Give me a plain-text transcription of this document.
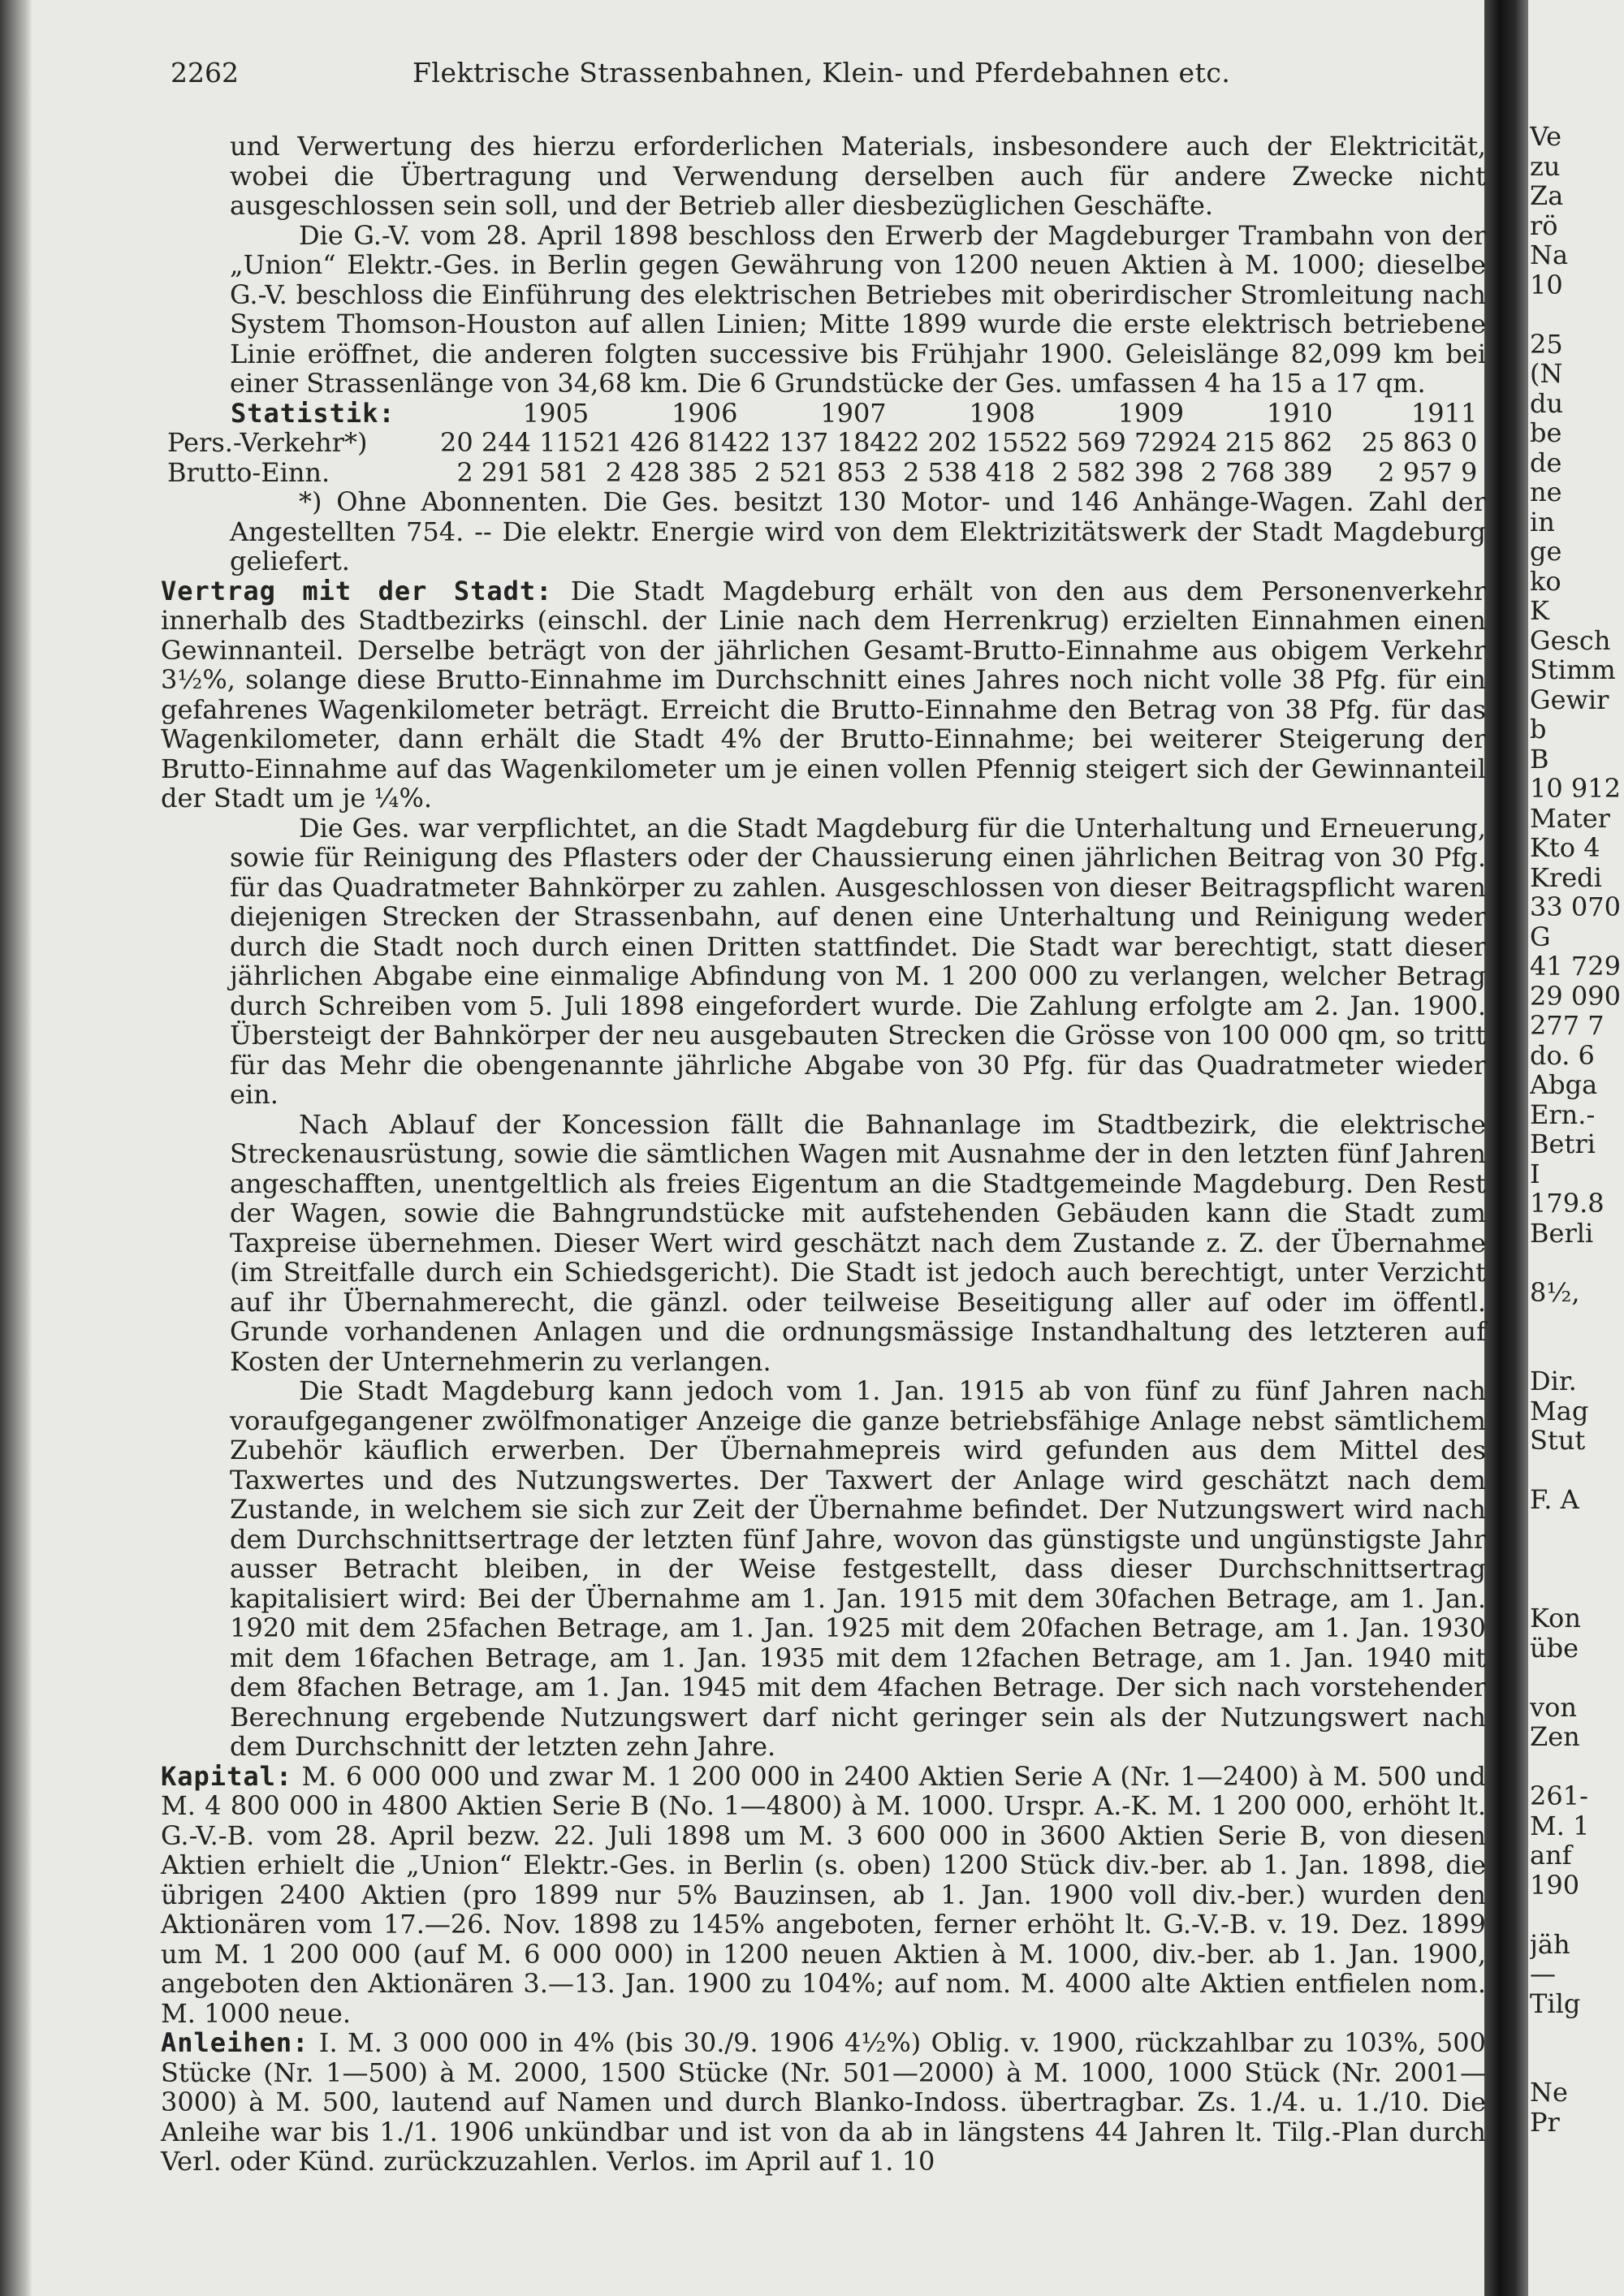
2262	Flektrische Strassenbahnen, Klein- und Pferdebahnen etc.

und Verwertung des hierzu erforderlichen Materials, insbesondere auch der Elektricität, wobei die Übertragung und Verwendung derselben auch für andere Zwecke nicht ausgeschlossen sein soll, und der Betrieb aller diesbezüglichen Geschäfte.

Die G.-V. vom 28. April 1898 beschloss den Erwerb der Magdeburger Trambahn von der „Union“ Elektr.-Ges. in Berlin gegen Gewährung von 1200 neuen Aktien à M. 1000; dieselbe G.-V. beschloss die Einführung des elektrischen Betriebes mit oberirdischer Stromleitung nach System Thomson-Houston auf allen Linien; Mitte 1899 wurde die erste elektrisch betriebene Linie eröffnet, die anderen folgten successive bis Frühjahr 1900. Geleislänge 82,099 km bei einer Strassenlänge von 34,68 km. Die 6 Grundstücke der Ges. umfassen 4 ha 15 a 17 qm.

Statistik:	1905	1906	1907	1908	1909	1910	1911
Pers.-Verkehr*)	20 244 115	21 426 814	22 137 184	22 202 155	22 569 729	24 215 862	25 863 0
Brutto-Einn.	2 291 581	2 428 385	2 521 853	2 538 418	2 582 398	2 768 389	2 957 9

*) Ohne Abonnenten. Die Ges. besitzt 130 Motor- und 146 Anhänge-Wagen. Zahl der Angestellten 754. -- Die elektr. Energie wird von dem Elektrizitätswerk der Stadt Magdeburg geliefert.

Vertrag mit der Stadt: Die Stadt Magdeburg erhält von den aus dem Personenverkehr innerhalb des Stadtbezirks (einschl. der Linie nach dem Herrenkrug) erzielten Einnahmen einen Gewinnanteil. Derselbe beträgt von der jährlichen Gesamt-Brutto-Einnahme aus obigem Verkehr 3½%, solange diese Brutto-Einnahme im Durchschnitt eines Jahres noch nicht volle 38 Pfg. für ein gefahrenes Wagenkilometer beträgt. Erreicht die Brutto-Einnahme den Betrag von 38 Pfg. für das Wagenkilometer, dann erhält die Stadt 4% der Brutto-Einnahme; bei weiterer Steigerung der Brutto-Einnahme auf das Wagenkilometer um je einen vollen Pfennig steigert sich der Gewinnanteil der Stadt um je ¼%.

Die Ges. war verpflichtet, an die Stadt Magdeburg für die Unterhaltung und Erneuerung, sowie für Reinigung des Pflasters oder der Chaussierung einen jährlichen Beitrag von 30 Pfg. für das Quadratmeter Bahnkörper zu zahlen. Ausgeschlossen von dieser Beitragspflicht waren diejenigen Strecken der Strassenbahn, auf denen eine Unterhaltung und Reinigung weder durch die Stadt noch durch einen Dritten stattfindet. Die Stadt war berechtigt, statt dieser jährlichen Abgabe eine einmalige Abfindung von M. 1 200 000 zu verlangen, welcher Betrag durch Schreiben vom 5. Juli 1898 eingefordert wurde. Die Zahlung erfolgte am 2. Jan. 1900. Übersteigt der Bahnkörper der neu ausgebauten Strecken die Grösse von 100 000 qm, so tritt für das Mehr die obengenannte jährliche Abgabe von 30 Pfg. für das Quadratmeter wieder ein.

Nach Ablauf der Koncession fällt die Bahnanlage im Stadtbezirk, die elektrische Streckenausrüstung, sowie die sämtlichen Wagen mit Ausnahme der in den letzten fünf Jahren angeschafften, unentgeltlich als freies Eigentum an die Stadtgemeinde Magdeburg. Den Rest der Wagen, sowie die Bahngrundstücke mit aufstehenden Gebäuden kann die Stadt zum Taxpreise übernehmen. Dieser Wert wird geschätzt nach dem Zustande z. Z. der Übernahme (im Streitfalle durch ein Schiedsgericht). Die Stadt ist jedoch auch berechtigt, unter Verzicht auf ihr Übernahmerecht, die gänzl. oder teilweise Beseitigung aller auf oder im öffentl. Grunde vorhandenen Anlagen und die ordnungsmässige Instandhaltung des letzteren auf Kosten der Unternehmerin zu verlangen.

Die Stadt Magdeburg kann jedoch vom 1. Jan. 1915 ab von fünf zu fünf Jahren nach voraufgegangener zwölfmonatiger Anzeige die ganze betriebsfähige Anlage nebst sämtlichem Zubehör käuflich erwerben. Der Übernahmepreis wird gefunden aus dem Mittel des Taxwertes und des Nutzungswertes. Der Taxwert der Anlage wird geschätzt nach dem Zustande, in welchem sie sich zur Zeit der Übernahme befindet. Der Nutzungswert wird nach dem Durchschnittsertrage der letzten fünf Jahre, wovon das günstigste und ungünstigste Jahr ausser Betracht bleiben, in der Weise festgestellt, dass dieser Durchschnittsertrag kapitalisiert wird: Bei der Übernahme am 1. Jan. 1915 mit dem 30fachen Betrage, am 1. Jan. 1920 mit dem 25fachen Betrage, am 1. Jan. 1925 mit dem 20fachen Betrage, am 1. Jan. 1930 mit dem 16fachen Betrage, am 1. Jan. 1935 mit dem 12fachen Betrage, am 1. Jan. 1940 mit dem 8fachen Betrage, am 1. Jan. 1945 mit dem 4fachen Betrage. Der sich nach vorstehender Berechnung ergebende Nutzungswert darf nicht geringer sein als der Nutzungswert nach dem Durchschnitt der letzten zehn Jahre.

Kapital: M. 6 000 000 und zwar M. 1 200 000 in 2400 Aktien Serie A (Nr. 1—2400) à M. 500 und M. 4 800 000 in 4800 Aktien Serie B (No. 1—4800) à M. 1000. Urspr. A.-K. M. 1 200 000, erhöht lt. G.-V.-B. vom 28. April bezw. 22. Juli 1898 um M. 3 600 000 in 3600 Aktien Serie B, von diesen Aktien erhielt die „Union“ Elektr.-Ges. in Berlin (s. oben) 1200 Stück div.-ber. ab 1. Jan. 1898, die übrigen 2400 Aktien (pro 1899 nur 5% Bauzinsen, ab 1. Jan. 1900 voll div.-ber.) wurden den Aktionären vom 17.—26. Nov. 1898 zu 145% angeboten, ferner erhöht lt. G.-V.-B. v. 19. Dez. 1899 um M. 1 200 000 (auf M. 6 000 000) in 1200 neuen Aktien à M. 1000, div.-ber. ab 1. Jan. 1900, angeboten den Aktionären 3.—13. Jan. 1900 zu 104%; auf nom. M. 4000 alte Aktien entfielen nom. M. 1000 neue.

Anleihen: I. M. 3 000 000 in 4% (bis 30./9. 1906 4½%) Oblig. v. 1900, rückzahlbar zu 103%, 500 Stücke (Nr. 1—500) à M. 2000, 1500 Stücke (Nr. 501—2000) à M. 1000, 1000 Stück (Nr. 2001—3000) à M. 500, lautend auf Namen und durch Blanko-Indoss. übertragbar. Zs. 1./4. u. 1./10. Die Anleihe war bis 1./1. 1906 unkündbar und ist von da ab in längstens 44 Jahren lt. Tilg.-Plan durch Verl. oder Künd. zurückzuzahlen. Verlos. im April auf 1. 10

Ve
zu
Za
rö
Na
10
25
(N
du
be
de
ne
in
ge
ko
K
Gesch
Stimm
Gewir
b
B
10 912
Mater
Kto 4
Kredi
33 070
G
41 729
29 090
277 7
do. 6
Abga
Ern.-
Betri
I
179.8
Berli
8½,
Dir.
Mag
Stut
F. A
Kon
übe
von
Zen
261-
M. 1
anf
190
jäh
—
Tilg
Ne
Pr
